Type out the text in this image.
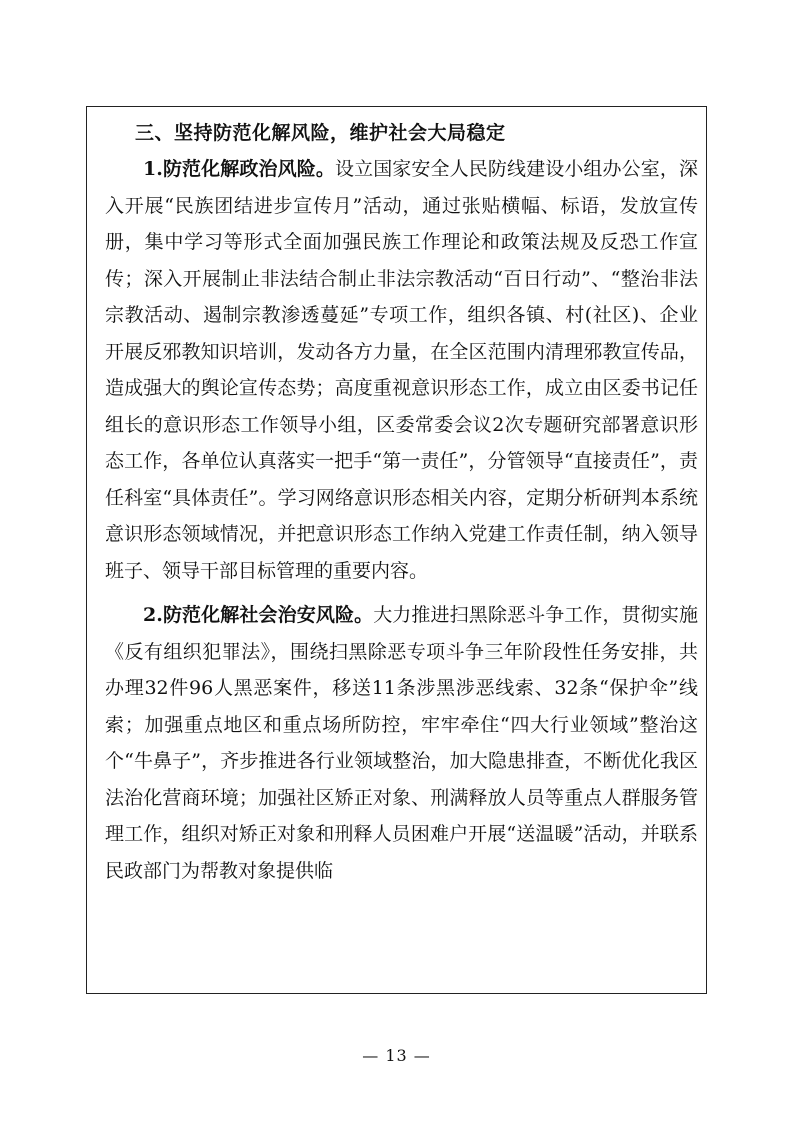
三、坚持防范化解风险，维护社会大局稳定

1.防范化解政治风险。设立国家安全人民防线建设小组办公室，深入开展“民族团结进步宣传月”活动，通过张贴横幅、标语，发放宣传册，集中学习等形式全面加强民族工作理论和政策法规及反恐工作宣传；深入开展制止非法结合制止非法宗教活动“百日行动”、“整治非法宗教活动、遏制宗教渗透蔓延”专项工作，组织各镇、村(社区)、企业开展反邪教知识培训，发动各方力量，在全区范围内清理邪教宣传品，造成强大的舆论宣传态势；高度重视意识形态工作，成立由区委书记任组长的意识形态工作领导小组，区委常委会议2次专题研究部署意识形态工作，各单位认真落实一把手“第一责任”，分管领导“直接责任”，责任科室“具体责任”。学习网络意识形态相关内容，定期分析研判本系统意识形态领域情况，并把意识形态工作纳入党建工作责任制，纳入领导班子、领导干部目标管理的重要内容。

2.防范化解社会治安风险。大力推进扫黑除恶斗争工作，贯彻实施《反有组织犯罪法》，围绕扫黑除恶专项斗争三年阶段性任务安排，共办理32件96人黑恶案件，移送11条涉黑涉恶线索、32条“保护伞”线索；加强重点地区和重点场所防控，牢牢牵住“四大行业领域”整治这个“牛鼻子”，齐步推进各行业领域整治，加大隐患排查，不断优化我区法治化营商环境；加强社区矫正对象、刑满释放人员等重点人群服务管理工作，组织对矫正对象和刑释人员困难户开展“送温暖”活动，并联系民政部门为帮教对象提供临

— 13 —
